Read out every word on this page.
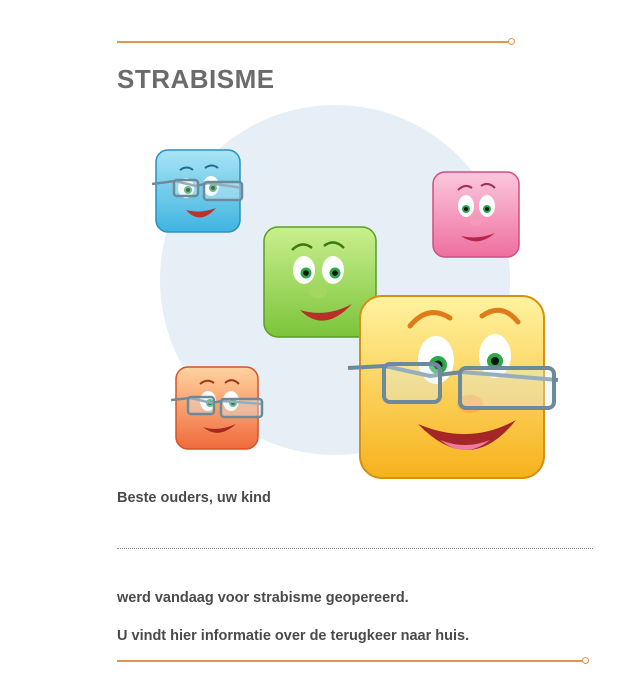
STRABISME
Beste ouders, uw kind
werd vandaag voor strabisme geopereerd.
U vindt hier informatie over de terugkeer naar huis.
